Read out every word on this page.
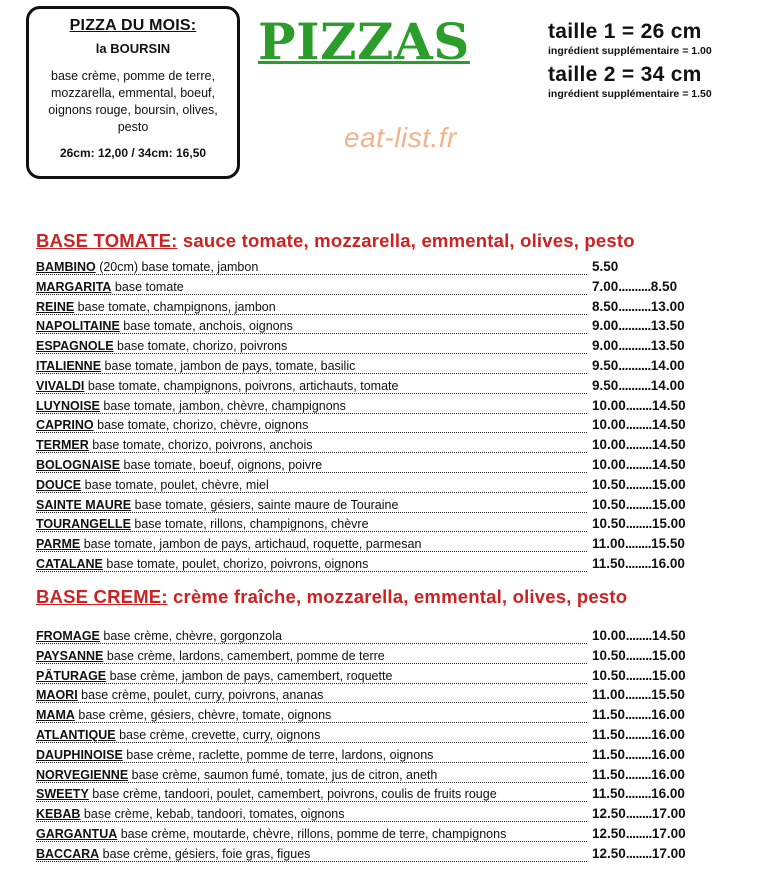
PIZZA DU MOIS:
la BOURSIN
base crème, pomme de terre, mozzarella, emmental, boeuf, oignons rouge, boursin, olives, pesto
26cm: 12,00 / 34cm: 16,50
PIZZAS
eat-list.fr
taille 1 = 26 cm
ingrédient supplémentaire = 1.00
taille 2 = 34 cm
ingrédient supplémentaire = 1.50
BASE TOMATE: sauce tomate, mozzarella, emmental, olives, pesto
BAMBINO (20cm) base tomate, jambon	5.50
MARGARITA base tomate	7.00..........8.50
REINE base tomate, champignons, jambon	8.50..........13.00
NAPOLITAINE base tomate, anchois, oignons	9.00..........13.50
ESPAGNOLE base tomate, chorizo, poivrons	9.00..........13.50
ITALIENNE base tomate, jambon de pays, tomate, basilic	9.50..........14.00
VIVALDI base tomate, champignons, poivrons, artichauts, tomate	9.50..........14.00
LUYNOISE base tomate, jambon, chèvre, champignons	10.00........14.50
CAPRINO base tomate, chorizo, chèvre, oignons	10.00........14.50
TERMER base tomate, chorizo, poivrons, anchois	10.00........14.50
BOLOGNAISE base tomate, boeuf, oignons, poivre	10.00........14.50
DOUCE base tomate, poulet, chèvre, miel	10.50........15.00
SAINTE MAURE base tomate, gésiers, sainte maure de Touraine	10.50........15.00
TOURANGELLE base tomate, rillons, champignons, chèvre	10.50........15.00
PARME base tomate, jambon de pays, artichaud, roquette, parmesan	11.00........15.50
CATALANE base tomate, poulet, chorizo, poivrons, oignons	11.50........16.00
BASE CREME: crème fraîche, mozzarella, emmental, olives, pesto
FROMAGE base crème, chèvre, gorgonzola	10.00........14.50
PAYSANNE base crème, lardons, camembert, pomme de terre	10.50........15.00
PÂTURAGE base crème, jambon de pays, camembert, roquette	10.50........15.00
MAORI base crème, poulet, curry, poivrons, ananas	11.00........15.50
MAMA base crème, gésiers, chèvre, tomate, oignons	11.50........16.00
ATLANTIQUE base crème, crevette, curry, oignons	11.50........16.00
DAUPHINOISE base crème, raclette, pomme de terre, lardons, oignons	11.50........16.00
NORVEGIENNE base crème, saumon fumé, tomate, jus de citron, aneth	11.50........16.00
SWEETY base crème, tandoori, poulet, camembert, poivrons, coulis de fruits rouge	11.50........16.00
KEBAB base crème, kebab, tandoori, tomates, oignons	12.50........17.00
GARGANTUA base crème, moutarde, chèvre, rillons, pomme de terre, champignons	12.50........17.00
BACCARA base crème, gésiers, foie gras, figues	12.50........17.00
